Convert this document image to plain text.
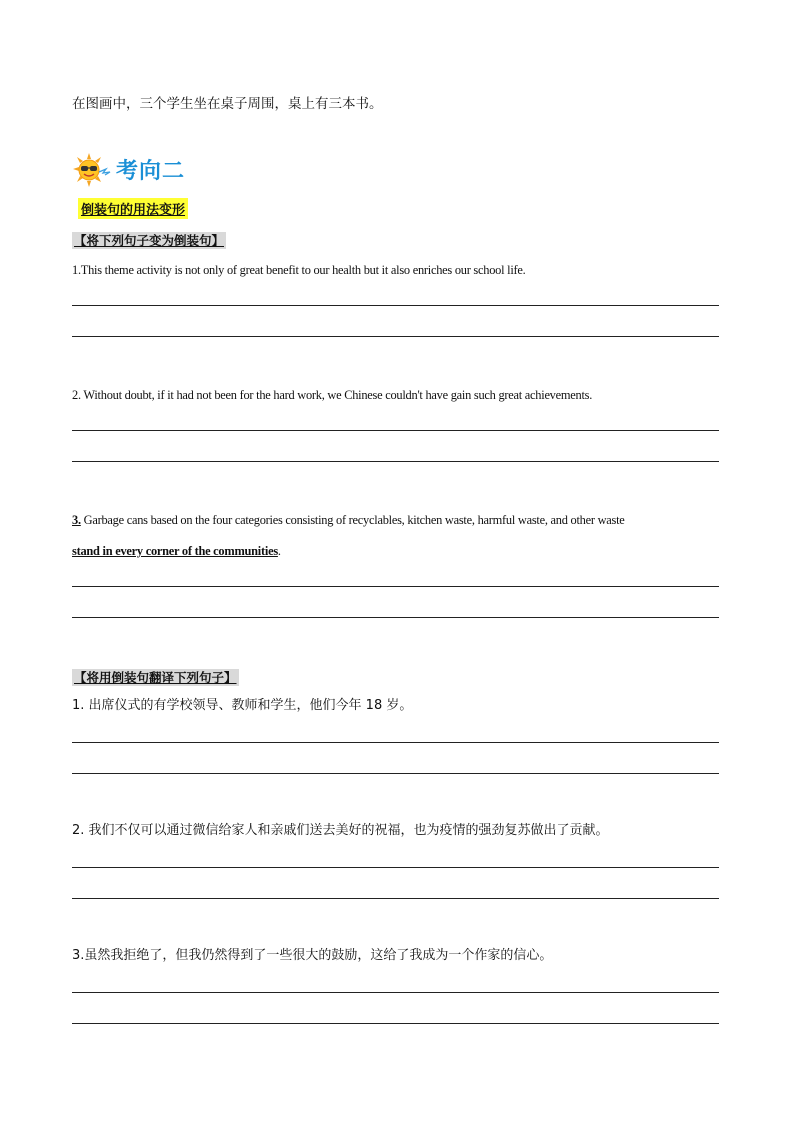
在图画中，三个学生坐在桌子周围，桌上有三本书。
考向二
倒装句的用法变形
【将下列句子变为倒装句】
1.This theme activity is not only of great benefit to our health but it also enriches our school life.
2. Without doubt, if it had not been for the hard work, we Chinese couldn't have gain such great achievements.
3. Garbage cans based on the four categories consisting of recyclables, kitchen waste, harmful waste, and other waste
stand in every corner of the communities.
【将用倒装句翻译下列句子】
1. 出席仪式的有学校领导、教师和学生，他们今年 18 岁。
2. 我们不仅可以通过微信给家人和亲戚们送去美好的祝福，也为疫情的强劲复苏做出了贡献。
3.虽然我拒绝了，但我仍然得到了一些很大的鼓励，这给了我成为一个作家的信心。
